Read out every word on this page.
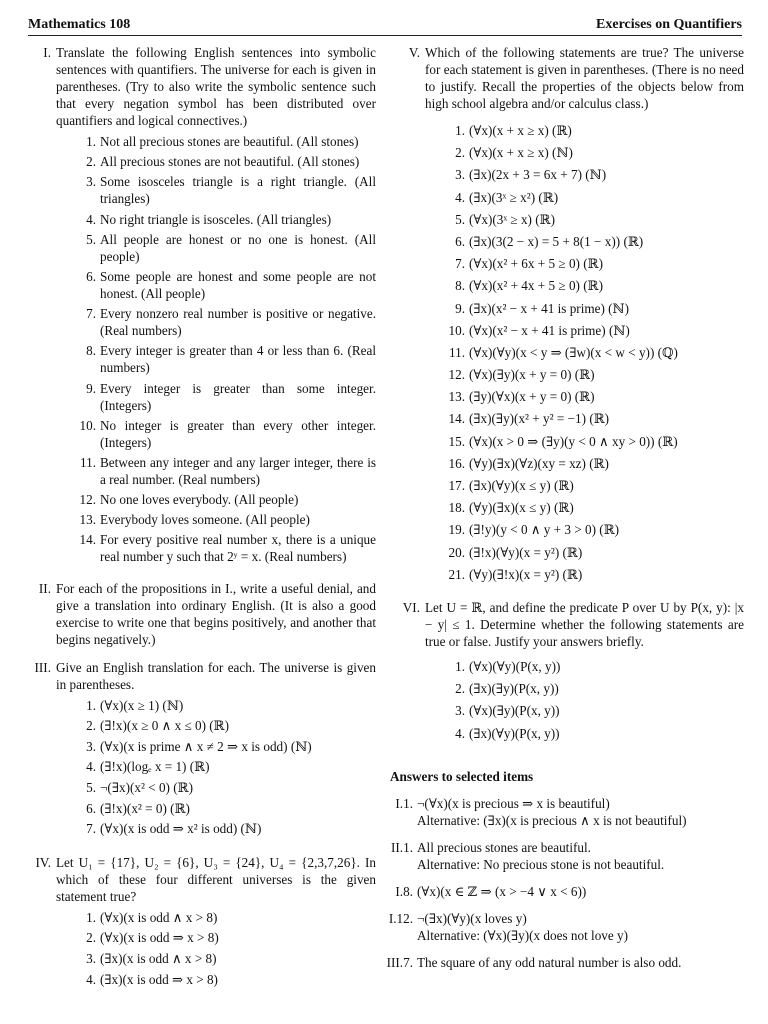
Mathematics 108	Exercises on Quantifiers
I. Translate the following English sentences into symbolic sentences with quantifiers. The universe for each is given in parentheses. (Try to also write the symbolic sentence such that every negation symbol has been distributed over quantifiers and logical connectives.)
1. Not all precious stones are beautiful. (All stones)
2. All precious stones are not beautiful. (All stones)
3. Some isosceles triangle is a right triangle. (All triangles)
4. No right triangle is isosceles. (All triangles)
5. All people are honest or no one is honest. (All people)
6. Some people are honest and some people are not honest. (All people)
7. Every nonzero real number is positive or negative. (Real numbers)
8. Every integer is greater than 4 or less than 6. (Real numbers)
9. Every integer is greater than some integer. (Integers)
10. No integer is greater than every other integer. (Integers)
11. Between any integer and any larger integer, there is a real number. (Real numbers)
12. No one loves everybody. (All people)
13. Everybody loves someone. (All people)
14. For every positive real number x, there is a unique real number y such that 2ʸ = x. (Real numbers)
II. For each of the propositions in I., write a useful denial, and give a translation into ordinary English. (It is also a good exercise to write one that begins positively, and another that begins negatively.)
III. Give an English translation for each. The universe is given in parentheses.
1. (∀x)(x ≥ 1) (ℕ)
2. (∃!x)(x ≥ 0 ∧ x ≤ 0) (ℝ)
3. (∀x)(x is prime ∧ x ≠ 2 ⇒ x is odd) (ℕ)
4. (∃!x)(logₑ x = 1) (ℝ)
5. ¬(∃x)(x² < 0) (ℝ)
6. (∃!x)(x² = 0) (ℝ)
7. (∀x)(x is odd ⇒ x² is odd) (ℕ)
IV. Let U₁ = {17}, U₂ = {6}, U₃ = {24}, U₄ = {2,3,7,26}. In which of these four different universes is the given statement true?
1. (∀x)(x is odd ∧ x > 8)
2. (∀x)(x is odd ⇒ x > 8)
3. (∃x)(x is odd ∧ x > 8)
4. (∃x)(x is odd ⇒ x > 8)
V. Which of the following statements are true? The universe for each statement is given in parentheses. (There is no need to justify. Recall the properties of the objects below from high school algebra and/or calculus class.)
1. (∀x)(x + x ≥ x) (ℝ)
2. (∀x)(x + x ≥ x) (ℕ)
3. (∃x)(2x + 3 = 6x + 7) (ℕ)
4. (∃x)(3ˣ ≥ x²) (ℝ)
5. (∀x)(3ˣ ≥ x) (ℝ)
6. (∃x)(3(2 − x) = 5 + 8(1 − x)) (ℝ)
7. (∀x)(x² + 6x + 5 ≥ 0) (ℝ)
8. (∀x)(x² + 4x + 5 ≥ 0) (ℝ)
9. (∃x)(x² − x + 41 is prime) (ℕ)
10. (∀x)(x² − x + 41 is prime) (ℕ)
11. (∀x)(∀y)(x < y ⇒ (∃w)(x < w < y)) (ℚ)
12. (∀x)(∃y)(x + y = 0) (ℝ)
13. (∃y)(∀x)(x + y = 0) (ℝ)
14. (∃x)(∃y)(x² + y² = −1) (ℝ)
15. (∀x)(x > 0 ⇒ (∃y)(y < 0 ∧ xy > 0)) (ℝ)
16. (∀y)(∃x)(∀z)(xy = xz) (ℝ)
17. (∃x)(∀y)(x ≤ y) (ℝ)
18. (∀y)(∃x)(x ≤ y) (ℝ)
19. (∃!y)(y < 0 ∧ y + 3 > 0) (ℝ)
20. (∃!x)(∀y)(x = y²) (ℝ)
21. (∀y)(∃!x)(x = y²) (ℝ)
VI. Let U = ℝ, and define the predicate P over U by P(x, y): |x − y| ≤ 1. Determine whether the following statements are true or false. Justify your answers briefly.
1. (∀x)(∀y)(P(x, y))
2. (∃x)(∃y)(P(x, y))
3. (∀x)(∃y)(P(x, y))
4. (∃x)(∀y)(P(x, y))
Answers to selected items
I.1. ¬(∀x)(x is precious ⇒ x is beautiful)
Alternative: (∃x)(x is precious ∧ x is not beautiful)
II.1. All precious stones are beautiful.
Alternative: No precious stone is not beautiful.
I.8. (∀x)(x ∈ ℤ ⇒ (x > −4 ∨ x < 6))
I.12. ¬(∃x)(∀y)(x loves y)
Alternative: (∀x)(∃y)(x does not love y)
III.7. The square of any odd natural number is also odd.
